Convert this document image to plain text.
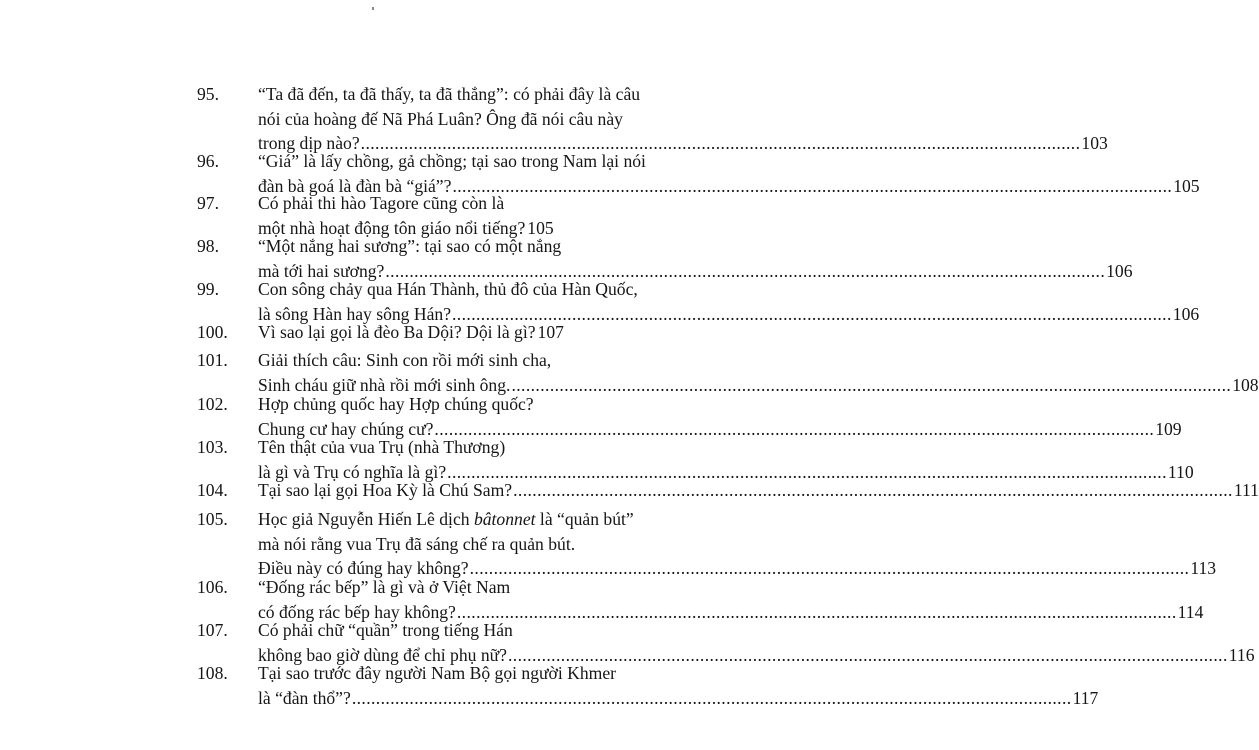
95.	“Ta đã đến, ta đã thấy, ta đã thắng”: có phải đây là câu
nói của hoàng đế Nã Phá Luân? Ông đã nói câu này
trong dịp nào? ...................................................................................................................................................... 103
96.	“Giá” là lấy chồng, gả chồng; tại sao trong Nam lại nói
đàn bà goá là đàn bà “giá”? ...................................................................................................................................................... 105
97.	Có phải thi hào Tagore cũng còn là
một nhà hoạt động tôn giáo nổi tiếng? 105
98.	“Một nắng hai sương”: tại sao có một nắng
mà tới hai sương? ...................................................................................................................................................... 106
99.	Con sông chảy qua Hán Thành, thủ đô của Hàn Quốc,
là sông Hàn hay sông Hán? ...................................................................................................................................................... 106
100.	Vì sao lại gọi là đèo Ba Dội? Dội là gì? 107
101.	Giải thích câu: Sinh con rồi mới sinh cha,
Sinh cháu giữ nhà rồi mới sinh ông. ...................................................................................................................................................... 108
102.	Hợp chủng quốc hay Hợp chúng quốc?
Chung cư hay chúng cư? ...................................................................................................................................................... 109
103.	Tên thật của vua Trụ (nhà Thương)
là gì và Trụ có nghĩa là gì? ...................................................................................................................................................... 110
104.	Tại sao lại gọi Hoa Kỳ là Chú Sam? ...................................................................................................................................................... 111
105.	Học giả Nguyễn Hiến Lê dịch bâtonnet là “quản bút”
mà nói rằng vua Trụ đã sáng chế ra quản bút.
Điều này có đúng hay không? ...................................................................................................................................................... 113
106.	“Đống rác bếp” là gì và ở Việt Nam
có đống rác bếp hay không? ...................................................................................................................................................... 114
107.	Có phải chữ “quần” trong tiếng Hán
không bao giờ dùng để chỉ phụ nữ? ...................................................................................................................................................... 116
108.	Tại sao trước đây người Nam Bộ gọi người Khmer
là “đàn thổ”? ...................................................................................................................................................... 117
